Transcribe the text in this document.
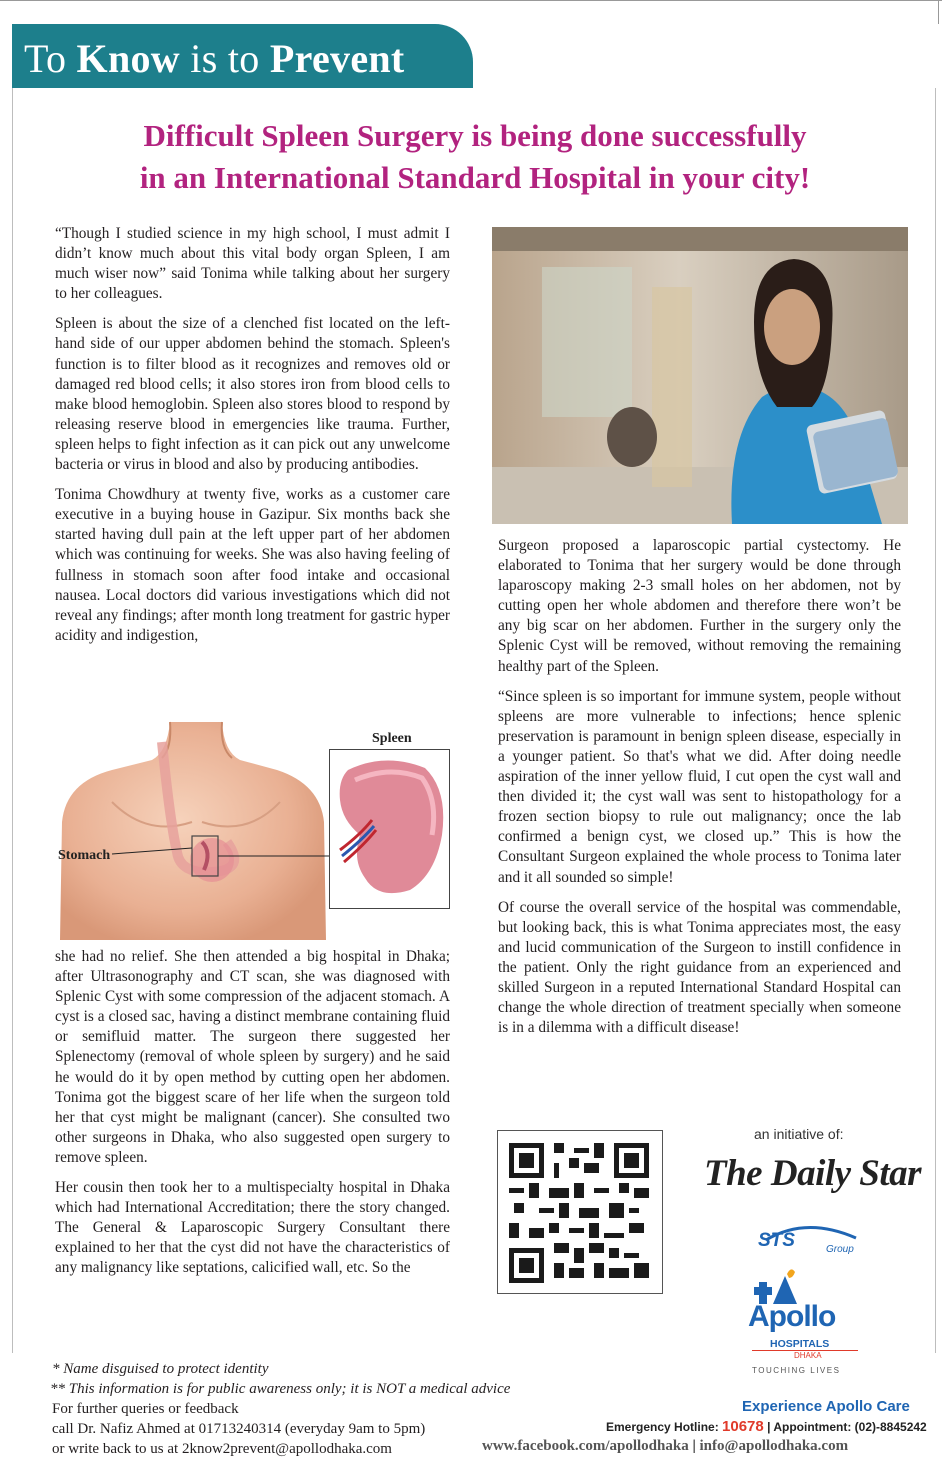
To Know is to Prevent
Difficult Spleen Surgery is being done successfully
in an International Standard Hospital in your city!

“Though I studied science in my high school, I must admit I didn’t know much about this vital body organ Spleen, I am much wiser now” said Tonima while talking about her surgery to her colleagues.

Spleen is about the size of a clenched fist located on the left-hand side of our upper abdomen behind the stomach. Spleen's function is to filter blood as it recognizes and removes old or damaged red blood cells; it also stores iron from blood cells to make blood hemoglobin. Spleen also stores blood to respond by releasing reserve blood in emergencies like trauma. Further, spleen helps to fight infection as it can pick out any unwelcome bacteria or virus in blood and also by producing antibodies.

Tonima Chowdhury at twenty five, works as a customer care executive in a buying house in Gazipur. Six months back she started having dull pain at the left upper part of her abdomen which was continuing for weeks. She was also having feeling of fullness in stomach soon after food intake and occasional nausea. Local doctors did various investigations which did not reveal any findings; after month long treatment for gastric hyper acidity and indigestion,

Stomach
Spleen

she had no relief. She then attended a big hospital in Dhaka; after Ultrasonography and CT scan, she was diagnosed with Splenic Cyst with some compression of the adjacent stomach. A cyst is a closed sac, having a distinct membrane containing fluid or semifluid matter. The surgeon there suggested her Splenectomy (removal of whole spleen by surgery) and he said he would do it by open method by cutting open her abdomen. Tonima got the biggest scare of her life when the surgeon told her that cyst might be malignant (cancer). She consulted two other surgeons in Dhaka, who also suggested open surgery to remove spleen.

Her cousin then took her to a multispecialty hospital in Dhaka which had International Accreditation; there the story changed. The General & Laparoscopic Surgery Consultant there explained to her that the cyst did not have the characteristics of any malignancy like septations, calicified wall, etc. So the

Surgeon proposed a laparoscopic partial cystectomy. He elaborated to Tonima that her surgery would be done through laparoscopy making 2-3 small holes on her abdomen, not by cutting open her whole abdomen and therefore there won’t be any big scar on her abdomen. Further in the surgery only the Splenic Cyst will be removed, without removing the remaining healthy part of the Spleen.

“Since spleen is so important for immune system, people without spleens are more vulnerable to infections; hence splenic preservation is paramount in benign spleen disease, especially in a younger patient. So that's what we did. After doing needle aspiration of the inner yellow fluid, I cut open the cyst wall and then divided it; the cyst wall was sent to histopathology for a frozen section biopsy to rule out malignancy; once the lab confirmed a benign cyst, we closed up.” This is how the Consultant Surgeon explained the whole process to Tonima later and it all sounded so simple!

Of course the overall service of the hospital was commendable, but looking back, this is what Tonima appreciates most, the easy and lucid communication of the Surgeon to instill confidence in the patient. Only the right guidance from an experienced and skilled Surgeon in a reputed International Standard Hospital can change the whole direction of treatment specially when someone is in a dilemma with a difficult disease!

an initiative of:
The Daily Star
STS	Group
Apollo
HOSPITALS
DHAKA
TOUCHING LIVES
* Name disguised to protect identity
** This information is for public awareness only; it is NOT a medical advice
For further queries or feedback
call Dr. Nafiz Ahmed at 01713240314 (everyday 9am to 5pm)
or write back to us at 2know2prevent@apollodhaka.com
Experience Apollo Care
Emergency Hotline: 10678 | Appointment: (02)-8845242
www.facebook.com/apollodhaka | info@apollodhaka.com
